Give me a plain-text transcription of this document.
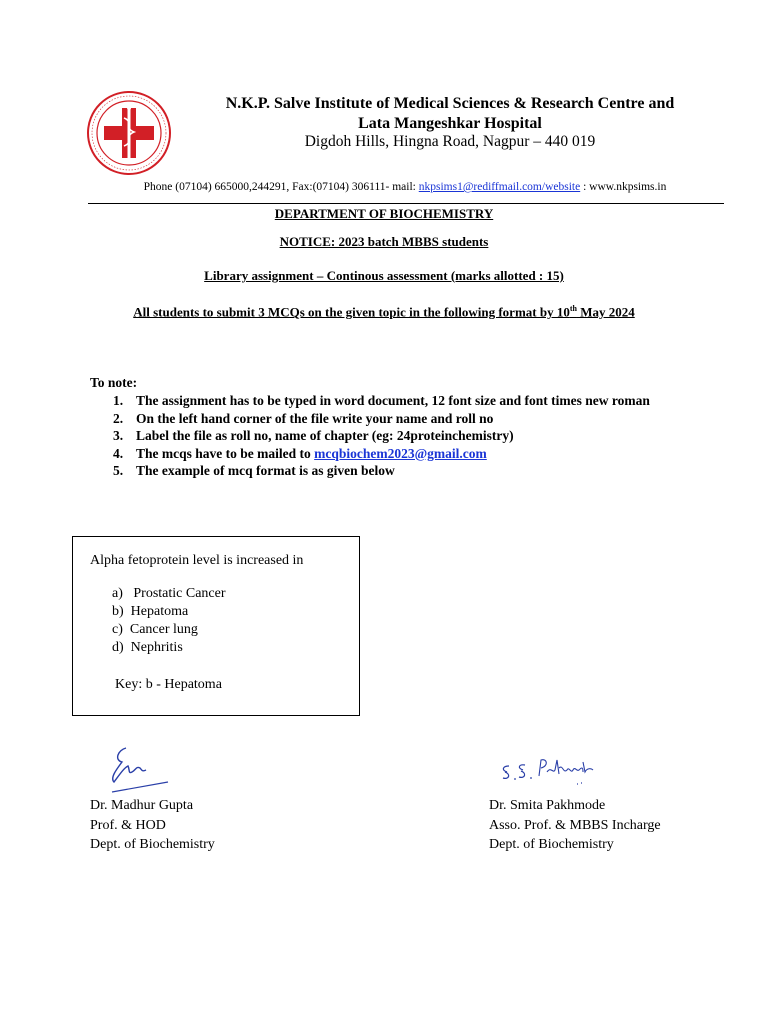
N.K.P. Salve Institute of Medical Sciences & Research Centre and
Lata Mangeshkar Hospital
Digdoh Hills, Hingna Road, Nagpur – 440 019
Phone (07104) 665000,244291, Fax:(07104) 306111- mail: nkpsims1@rediffmail.com/website : www.nkpsims.in
DEPARTMENT OF BIOCHEMISTRY
NOTICE: 2023 batch MBBS students
Library assignment – Continous assessment (marks allotted : 15)
All students to submit 3 MCQs on the given topic in the following format by 10th May 2024
To note:
1. The assignment has to be typed in word document, 12 font size and font times new roman
2. On the left hand corner of the file write your name and roll no
3. Label the file as roll no, name of chapter (eg: 24proteinchemistry)
4. The mcqs have to be mailed to mcqbiochem2023@gmail.com
5. The example of mcq format is as given below
Alpha fetoprotein level is increased in
a)   Prostatic Cancer
b)  Hepatoma
c)  Cancer lung
d)  Nephritis
Key: b - Hepatoma
Dr. Madhur Gupta
Prof. & HOD
Dept. of Biochemistry
Dr. Smita Pakhmode
Asso. Prof. & MBBS Incharge
Dept. of Biochemistry
